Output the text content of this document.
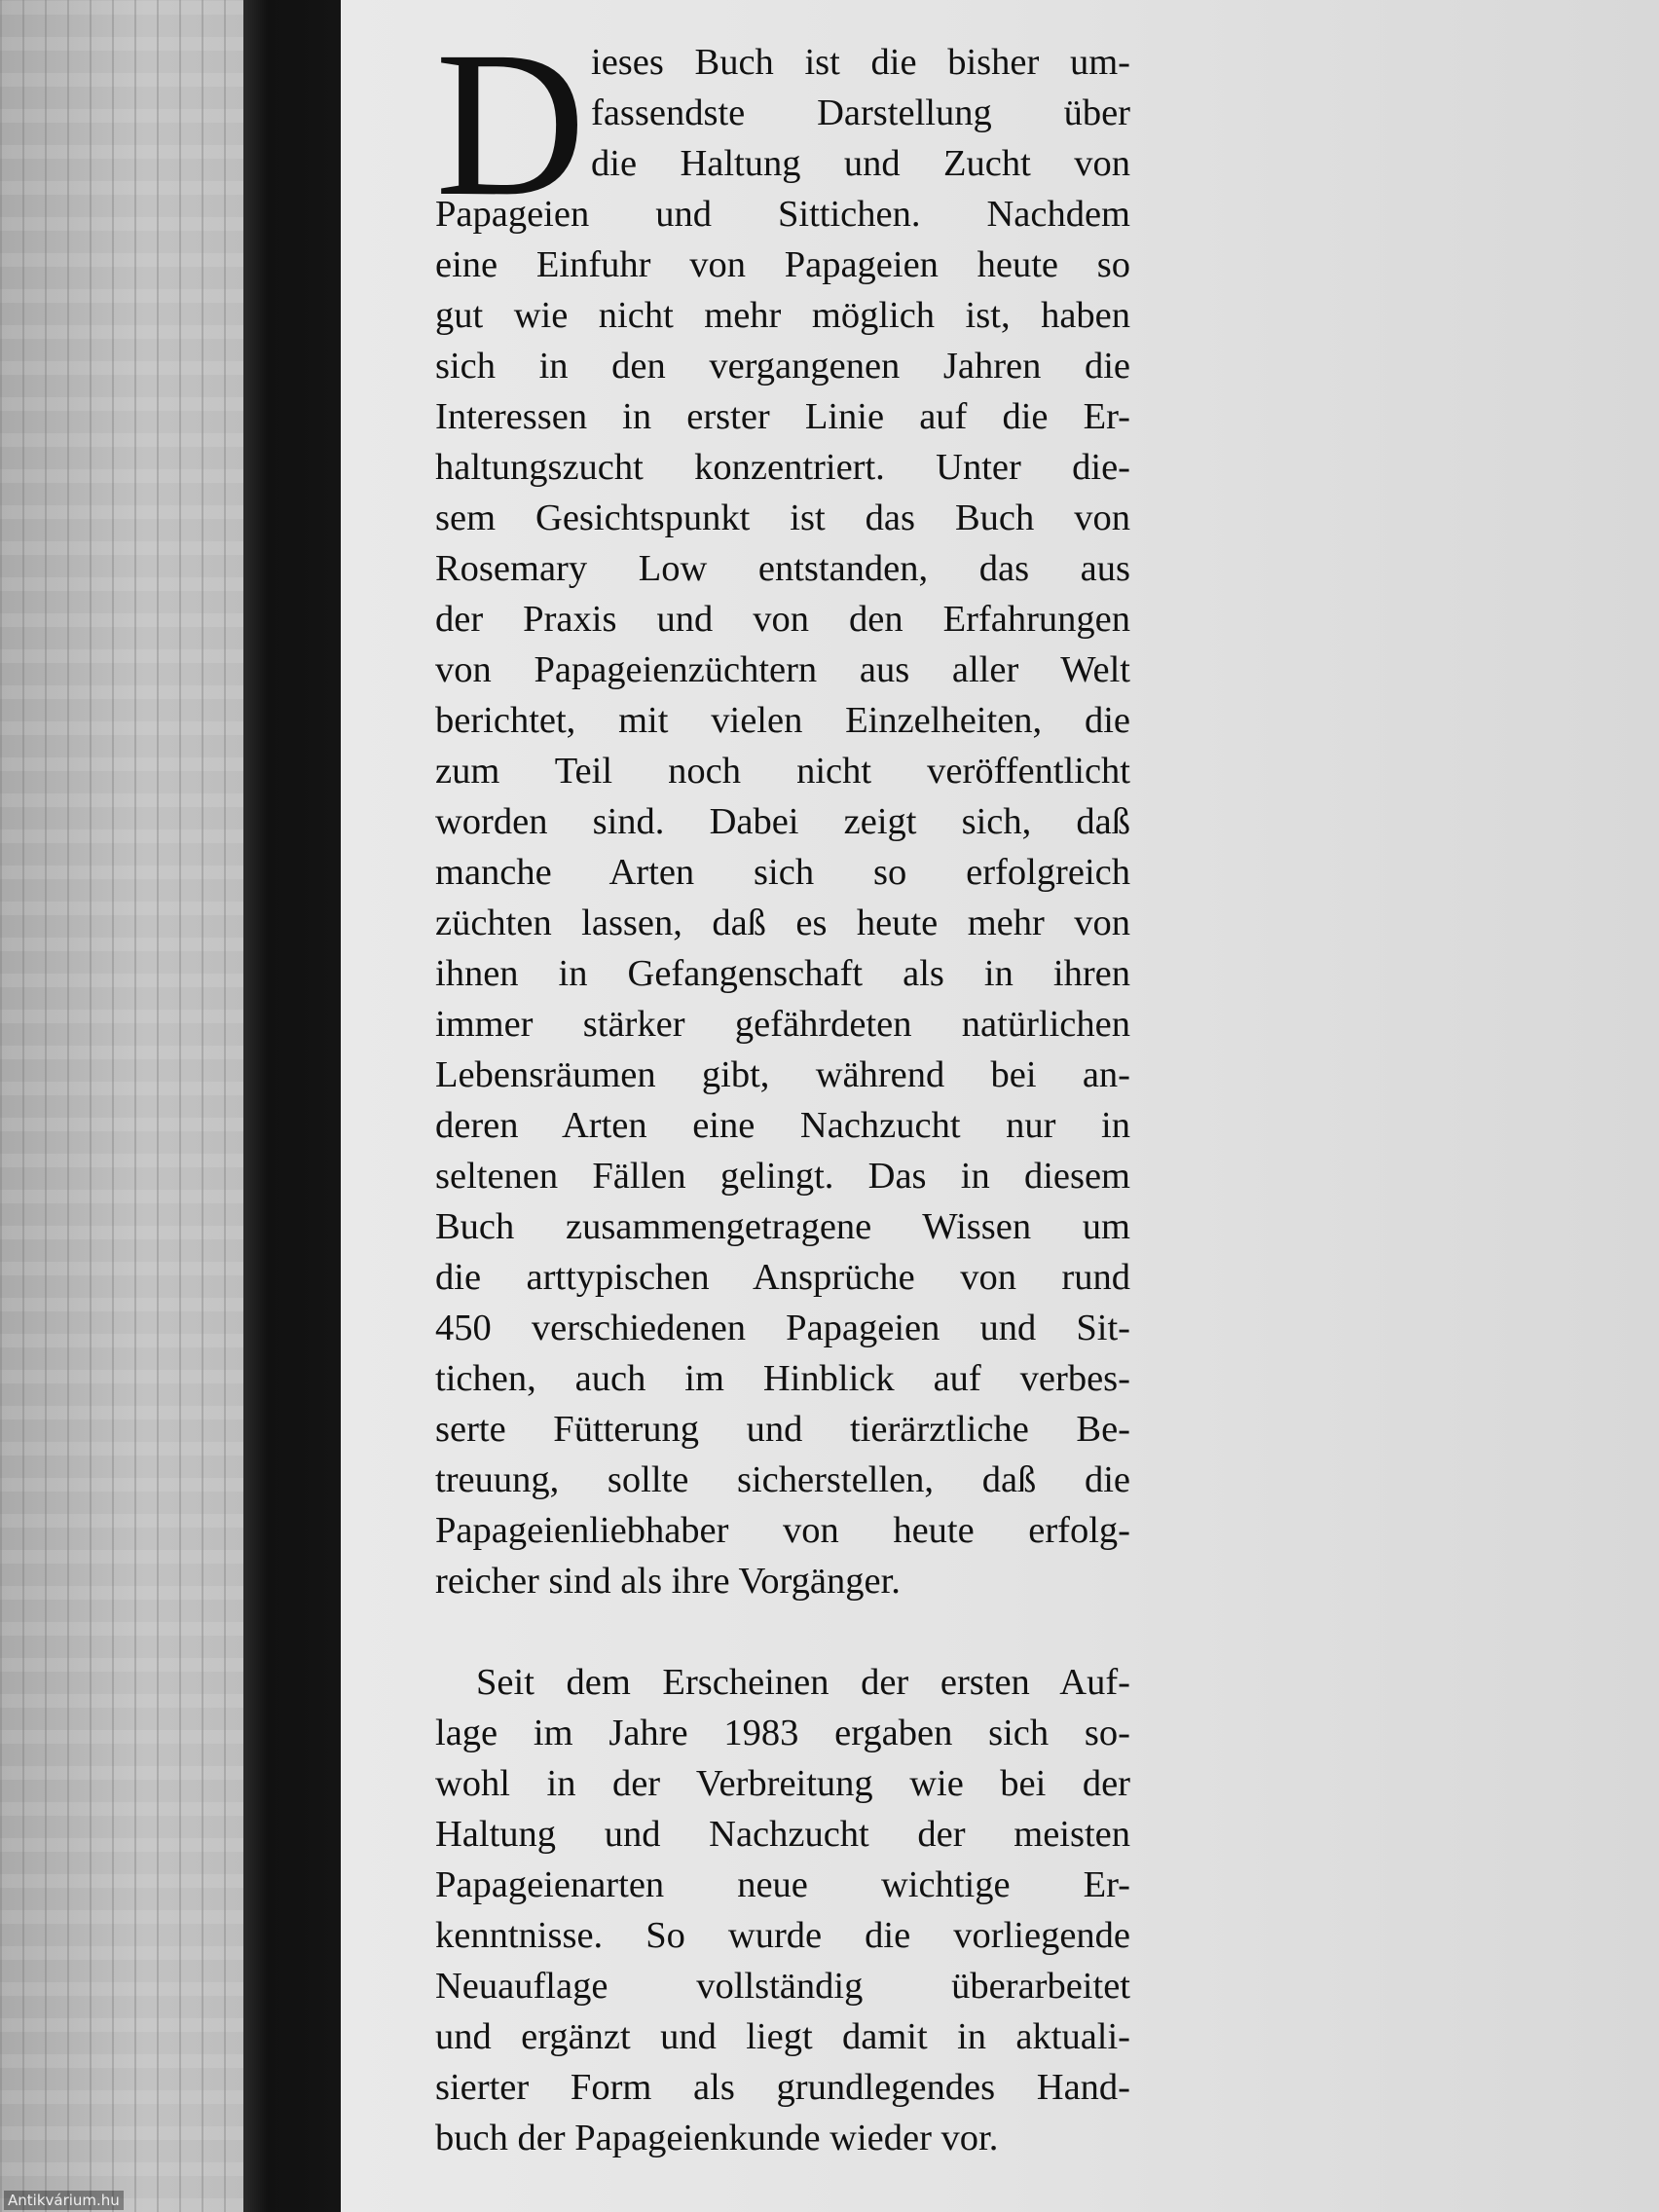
D ieses Buch ist die bisher um-
fassendste Darstellung über
die Haltung und Zucht von
Papageien und Sittichen. Nachdem
eine Einfuhr von Papageien heute so
gut wie nicht mehr möglich ist, haben
sich in den vergangenen Jahren die
Interessen in erster Linie auf die Er-
haltungszucht konzentriert. Unter die-
sem Gesichtspunkt ist das Buch von
Rosemary Low entstanden, das aus
der Praxis und von den Erfahrungen
von Papageienzüchtern aus aller Welt
berichtet, mit vielen Einzelheiten, die
zum Teil noch nicht veröffentlicht
worden sind. Dabei zeigt sich, daß
manche Arten sich so erfolgreich
züchten lassen, daß es heute mehr von
ihnen in Gefangenschaft als in ihren
immer stärker gefährdeten natürlichen
Lebensräumen gibt, während bei an-
deren Arten eine Nachzucht nur in
seltenen Fällen gelingt. Das in diesem
Buch zusammengetragene Wissen um
die arttypischen Ansprüche von rund
450 verschiedenen Papageien und Sit-
tichen, auch im Hinblick auf verbes-
serte Fütterung und tierärztliche Be-
treuung, sollte sicherstellen, daß die
Papageienliebhaber von heute erfolg-
reicher sind als ihre Vorgänger.
Seit dem Erscheinen der ersten Auf-
lage im Jahre 1983 ergaben sich so-
wohl in der Verbreitung wie bei der
Haltung und Nachzucht der meisten
Papageienarten neue wichtige Er-
kenntnisse. So wurde die vorliegende
Neuauflage vollständig überarbeitet
und ergänzt und liegt damit in aktuali-
sierter Form als grundlegendes Hand-
buch der Papageienkunde wieder vor.
Antikvárium.hu
